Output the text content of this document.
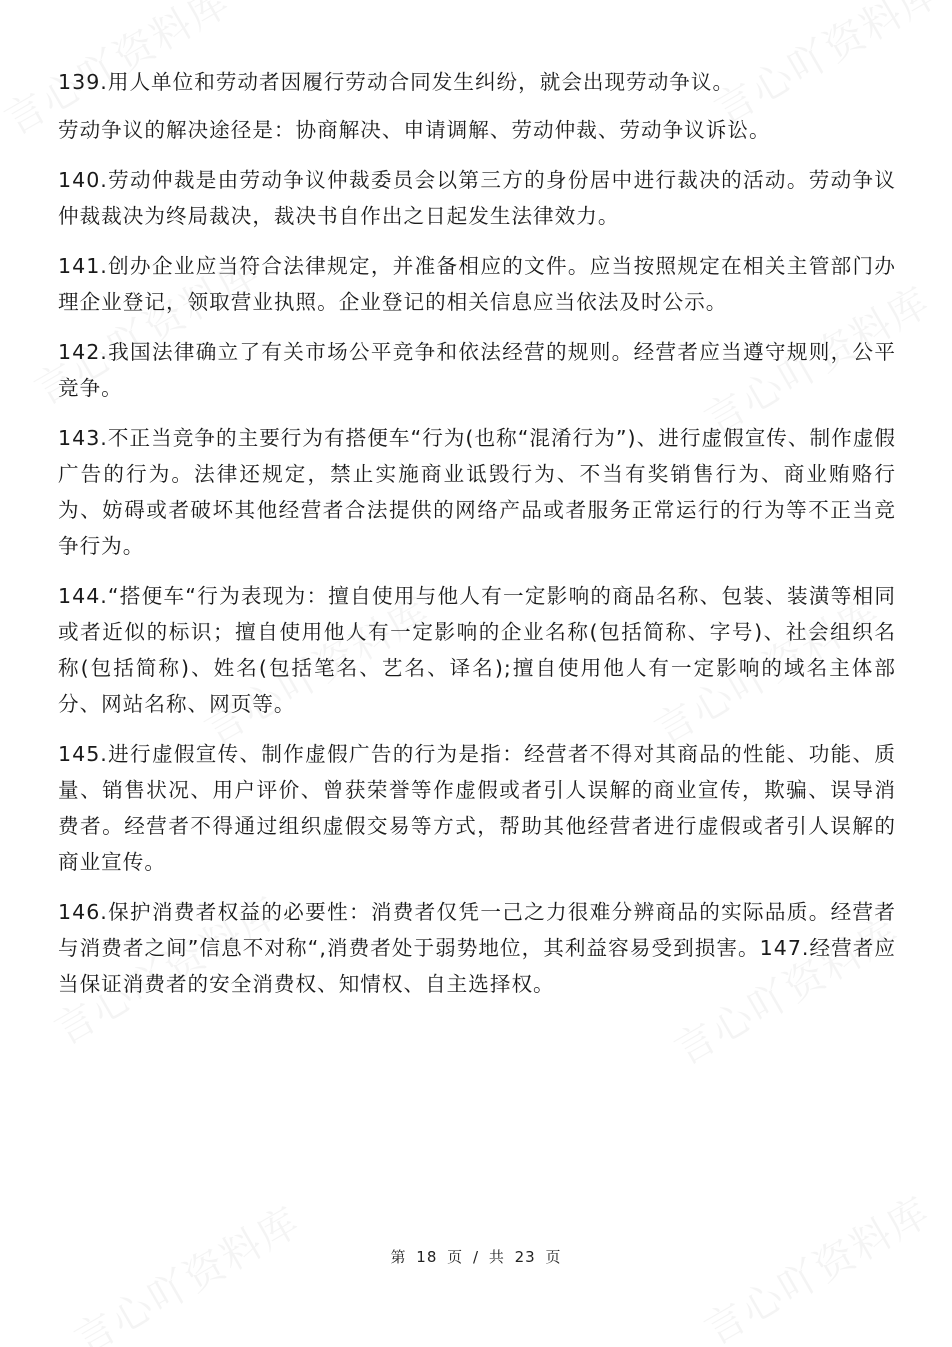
139.用人单位和劳动者因履行劳动合同发生纠纷，就会出现劳动争议。

劳动争议的解决途径是：协商解决、申请调解、劳动仲裁、劳动争议诉讼。

140.劳动仲裁是由劳动争议仲裁委员会以第三方的身份居中进行裁决的活动。劳动争议仲裁裁决为终局裁决，裁决书自作出之日起发生法律效力。

141.创办企业应当符合法律规定，并准备相应的文件。应当按照规定在相关主管部门办理企业登记，领取营业执照。企业登记的相关信息应当依法及时公示。

142.我国法律确立了有关市场公平竞争和依法经营的规则。经营者应当遵守规则，公平竞争。

143.不正当竞争的主要行为有搭便车“行为(也称“混淆行为”)、进行虚假宣传、制作虚假广告的行为。法律还规定，禁止实施商业诋毁行为、不当有奖销售行为、商业贿赂行为、妨碍或者破坏其他经营者合法提供的网络产品或者服务正常运行的行为等不正当竞争行为。

144.“搭便车“行为表现为：擅自使用与他人有一定影响的商品名称、包装、装潢等相同或者近似的标识；擅自使用他人有一定影响的企业名称(包括简称、字号)、社会组织名称(包括简称)、姓名(包括笔名、艺名、译名);擅自使用他人有一定影响的域名主体部分、网站名称、网页等。

145.进行虚假宣传、制作虚假广告的行为是指：经营者不得对其商品的性能、功能、质量、销售状况、用户评价、曾获荣誉等作虚假或者引人误解的商业宣传，欺骗、误导消费者。经营者不得通过组织虚假交易等方式，帮助其他经营者进行虚假或者引人误解的商业宣传。

146.保护消费者权益的必要性：消费者仅凭一己之力很难分辨商品的实际品质。经营者与消费者之间”信息不对称“,消费者处于弱势地位，其利益容易受到损害。147.经营者应当保证消费者的安全消费权、知情权、自主选择权。

第 18 页 / 共 23 页
